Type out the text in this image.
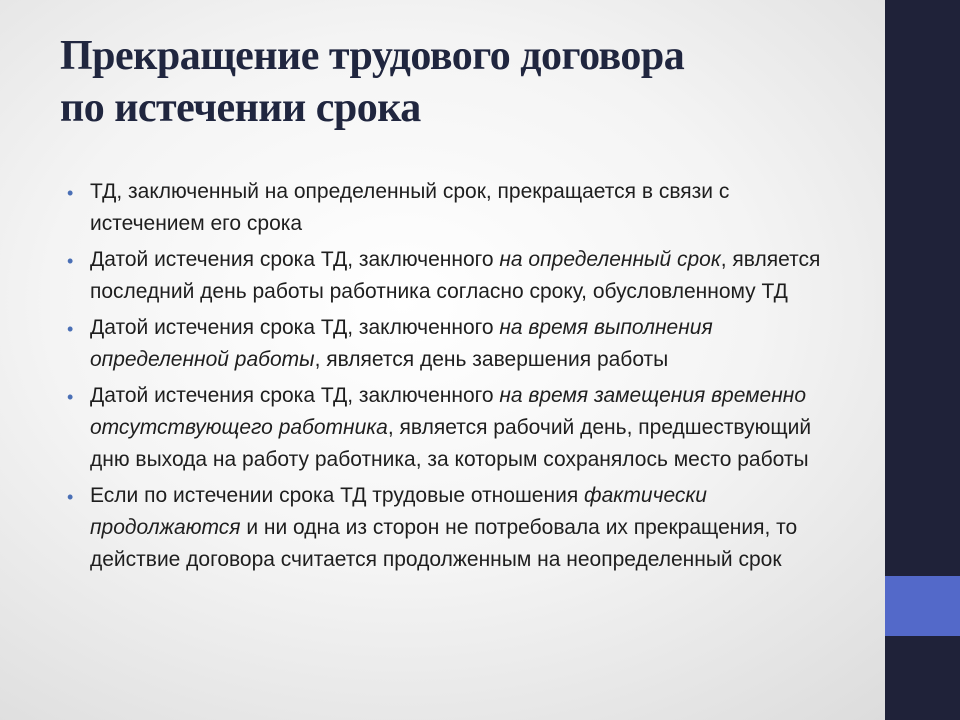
Прекращение трудового договора
по истечении срока
• ТД, заключенный на определенный срок, прекращается в связи с истечением его срока
• Датой истечения срока ТД, заключенного на определенный срок, является последний день работы работника согласно сроку, обусловленному ТД
• Датой истечения срока ТД, заключенного на время выполнения определенной работы, является день завершения работы
• Датой истечения срока ТД, заключенного на время замещения временно отсутствующего работника, является рабочий день, предшествующий дню выхода на работу работника, за которым сохранялось место работы
• Если по истечении срока ТД трудовые отношения фактически продолжаются и ни одна из сторон не потребовала их прекращения, то действие договора считается продолженным на неопределенный срок
